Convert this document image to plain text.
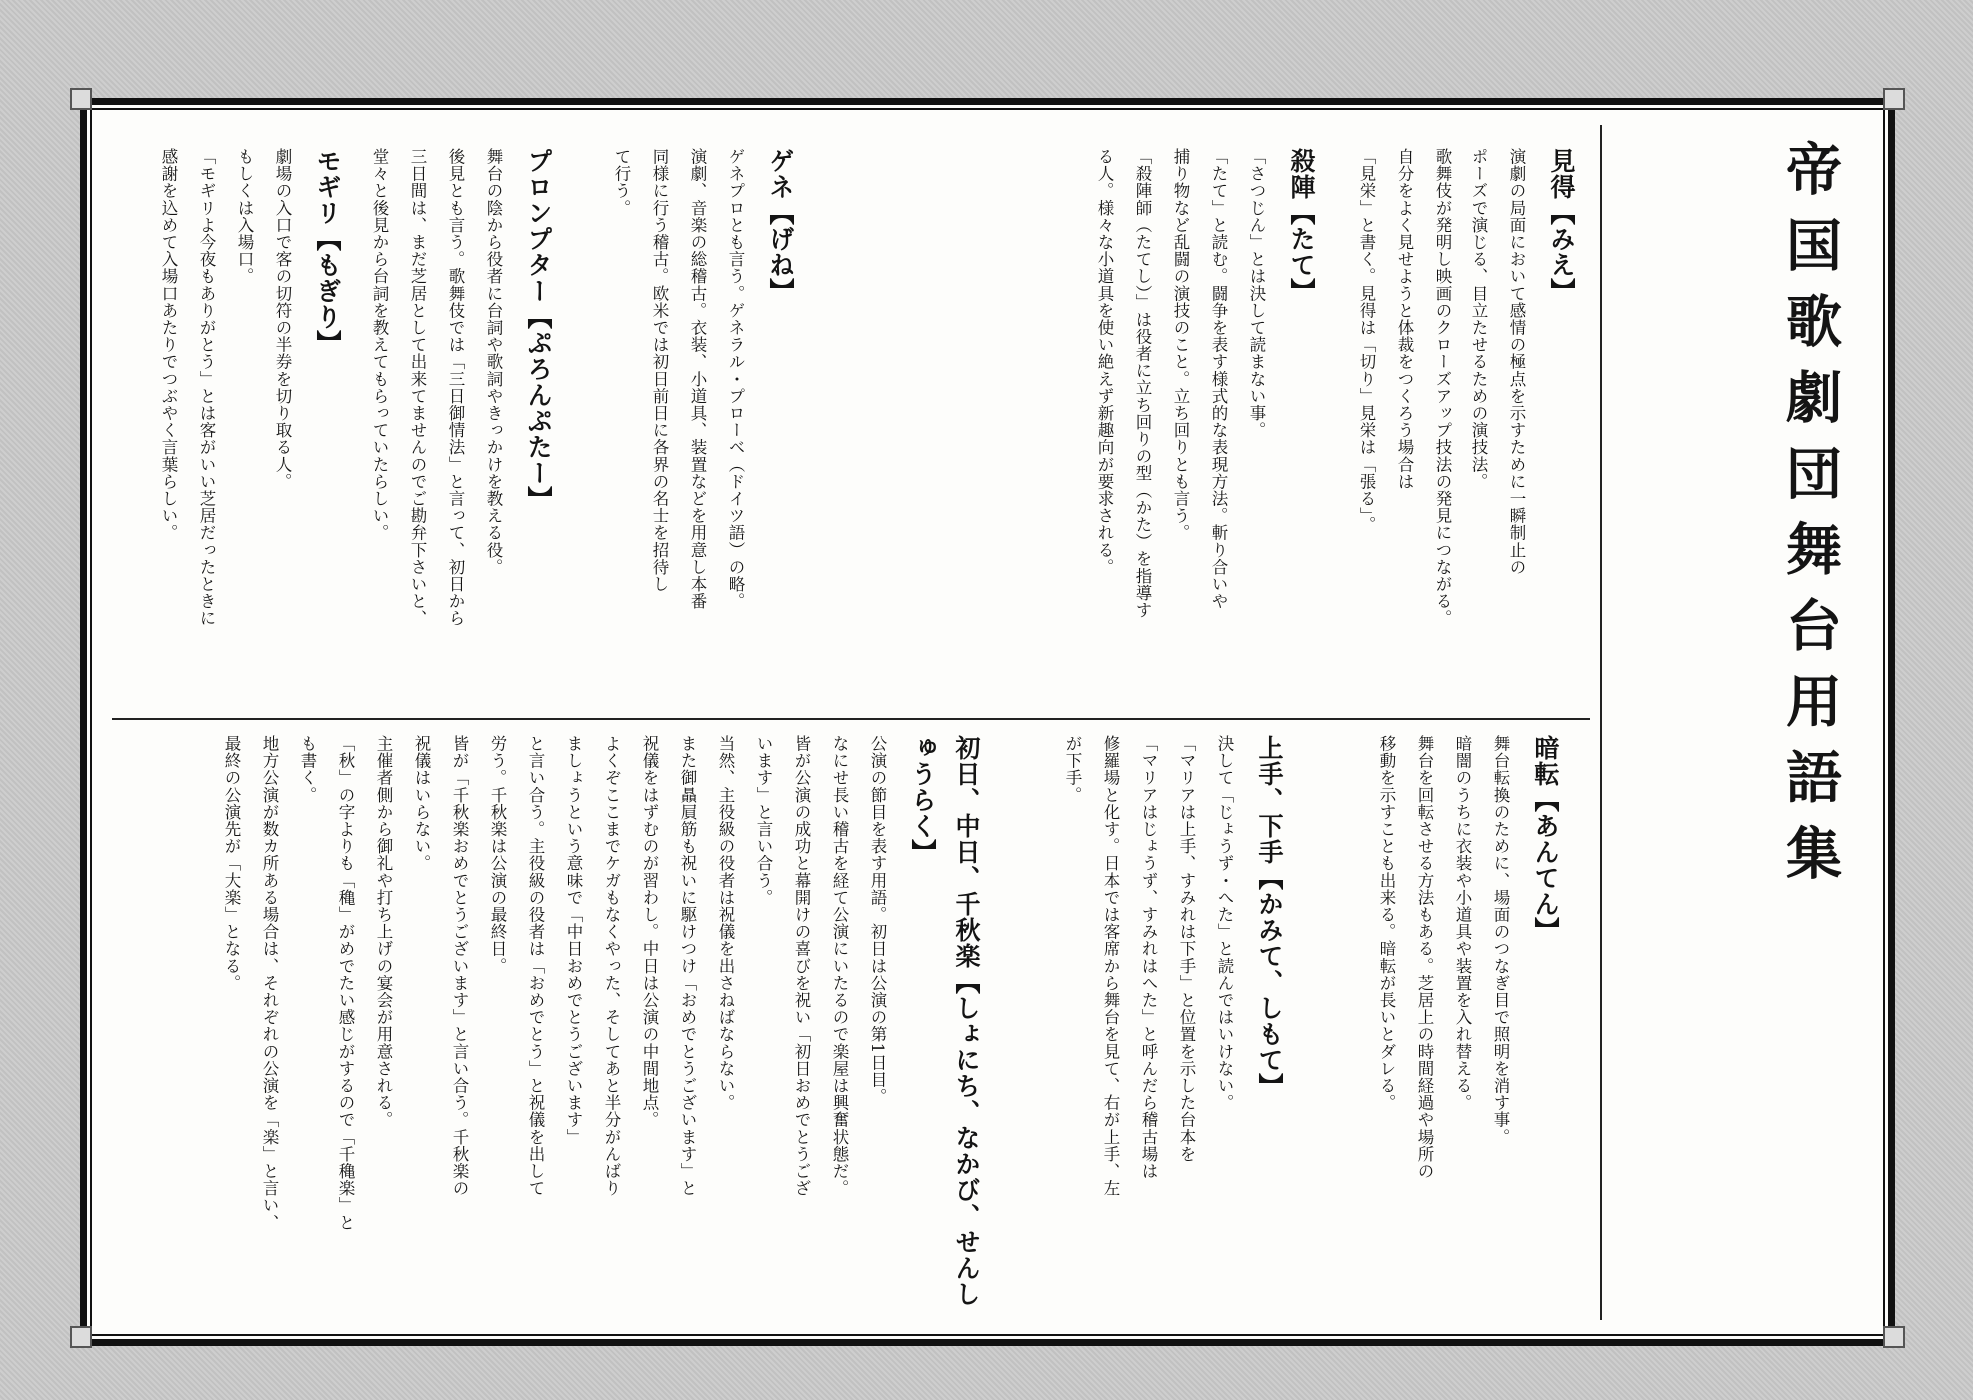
帝国歌劇団舞台用語集
見得【みえ】

演劇の局面において感情の極点を示すために一瞬制止の

ポーズで演じる、目立たせるための演技法。

歌舞伎が発明し映画のクローズアップ技法の発見につながる。

自分をよく見せようと体裁をつくろう場合は

「見栄」と書く。見得は「切り」見栄は「張る」。

殺陣【たて】

「さつじん」とは決して読まない事。

「たて」と読む。闘争を表す様式的な表現方法。斬り合いや

捕り物など乱闘の演技のこと。立ち回りとも言う。

「殺陣師（たてし）」は役者に立ち回りの型（かた）を指導す

る人。様々な小道具を使い絶えず新趣向が要求される。

ゲネ【げね】

ゲネプロとも言う。ゲネラル・プローベ（ドイツ語）の略。

演劇、音楽の総稽古。衣装、小道具、装置などを用意し本番

同様に行う稽古。欧米では初日前日に各界の名士を招待し

て行う。

プロンプター【ぷろんぷたー】

舞台の陰から役者に台詞や歌詞やきっかけを教える役。

後見とも言う。歌舞伎では「三日御情法」と言って、初日から

三日間は、まだ芝居として出来てませんのでご勘弁下さいと、

堂々と後見から台詞を教えてもらっていたらしい。

モギリ【もぎり】

劇場の入口で客の切符の半券を切り取る人。

もしくは入場口。

「モギリよ今夜もありがとう」とは客がいい芝居だったときに

感謝を込めて入場口あたりでつぶやく言葉らしい。

暗転【あんてん】

舞台転換のために、場面のつなぎ目で照明を消す事。

暗闇のうちに衣装や小道具や装置を入れ替える。

舞台を回転させる方法もある。芝居上の時間経過や場所の

移動を示すことも出来る。暗転が長いとダレる。

上手、下手【かみて、しもて】

決して「じょうず・へた」と読んではいけない。

「マリアは上手、すみれは下手」と位置を示した台本を

「マリアはじょうず、すみれはへた」と呼んだら稽古場は

修羅場と化す。日本では客席から舞台を見て、右が上手、左

が下手。

初日、中日、千秋楽【しょにち、なかび、せんしゅうらく】

公演の節目を表す用語。初日は公演の第1日目。

なにせ長い稽古を経て公演にいたるので楽屋は興奮状態だ。

皆が公演の成功と幕開けの喜びを祝い「初日おめでとうござ

います」と言い合う。

当然、主役級の役者は祝儀を出さねばならない。

また御贔屓筋も祝いに駆けつけ「おめでとうございます」と

祝儀をはずむのが習わし。中日は公演の中間地点。

よくぞここまでケガもなくやった、そしてあと半分がんばり

ましょうという意味で「中日おめでとうございます」

と言い合う。主役級の役者は「おめでとう」と祝儀を出して

労う。千秋楽は公演の最終日。

皆が「千秋楽おめでとうございます」と言い合う。千秋楽の

祝儀はいらない。

主催者側から御礼や打ち上げの宴会が用意される。

「秋」の字よりも「穐」がめでたい感じがするので「千穐楽」と

も書く。

地方公演が数カ所ある場合は、それぞれの公演を「楽」と言い、

最終の公演先が「大楽」となる。
